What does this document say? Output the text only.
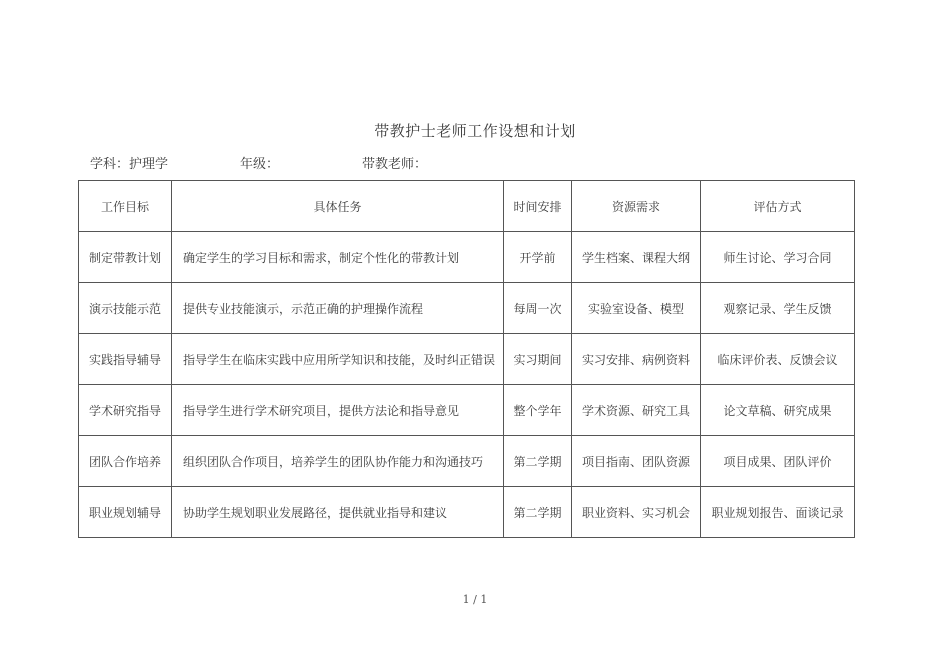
带教护士老师工作设想和计划
学科：护理学	年级：	带教老师：
工作目标	具体任务	时间安排	资源需求	评估方式
制定带教计划	确定学生的学习目标和需求，制定个性化的带教计划	开学前	学生档案、课程大纲	师生讨论、学习合同
演示技能示范	提供专业技能演示，示范正确的护理操作流程	每周一次	实验室设备、模型	观察记录、学生反馈
实践指导辅导	指导学生在临床实践中应用所学知识和技能，及时纠正错误	实习期间	实习安排、病例资料	临床评价表、反馈会议
学术研究指导	指导学生进行学术研究项目，提供方法论和指导意见	整个学年	学术资源、研究工具	论文草稿、研究成果
团队合作培养	组织团队合作项目，培养学生的团队协作能力和沟通技巧	第二学期	项目指南、团队资源	项目成果、团队评价
职业规划辅导	协助学生规划职业发展路径，提供就业指导和建议	第二学期	职业资料、实习机会	职业规划报告、面谈记录
1 / 1
